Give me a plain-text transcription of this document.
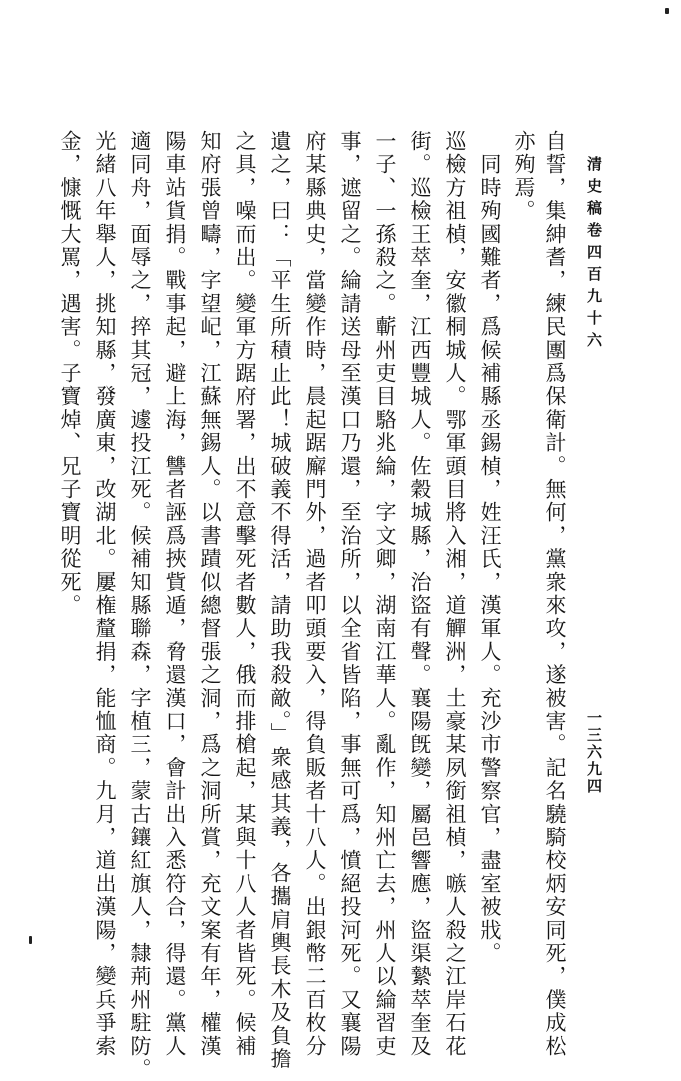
清史稿卷四百九十六
一三六九四
自誓，集紳耆，練民團爲保衛計。無何，黨衆來攻，遂被害。記名驍騎校炳安同死，僕成松
亦殉焉。
　同時殉國難者，爲候補縣丞錫楨，姓汪氏，漢軍人。充沙市警察官，盡室被戕。
巡檢方祖楨，安徽桐城人。鄂軍頭目將入湘，道觶洲，土豪某夙銜祖楨，嗾人殺之江岸石花
街。巡檢王萃奎，江西豐城人。佐穀城縣，治盜有聲。襄陽旣變，屬邑響應，盜渠縶萃奎及
一子、一孫殺之。蘄州吏目駱兆綸，字文卿，湖南江華人。亂作，知州亡去，州人以綸習吏
事，遮留之。綸請送母至漢口乃還，至治所，以全省皆陷，事無可爲，憤絕投河死。又襄陽
府某縣典史，當變作時，晨起踞廨門外，過者叩頭要入，得負販者十八人。出銀幣二百枚分
遺之，曰：「平生所積止此！城破義不得活，請助我殺敵。」衆感其義，各攜肩輿長木及負擔
之具，噪而出。變軍方踞府署，出不意擊死者數人，俄而排槍起，某與十八人者皆死。候補
知府張曾疇，字望屺，江蘇無錫人。以書蹟似總督張之洞，爲之洞所賞，充文案有年，權漢
陽車站貨捐。戰事起，避上海，讐者誣爲挾貲遁，脅還漢口，會計出入悉符合，得還。黨人
適同舟，面辱之，捽其冠，遽投江死。候補知縣聯森，字植三，蒙古鑲紅旗人，隸荊州駐防。
光緒八年舉人，挑知縣，發廣東，改湖北。屢権釐捐，能恤商。九月，道出漢陽，變兵爭索
金，慷慨大罵，遇害。子寶焯、兄子寶明從死。
